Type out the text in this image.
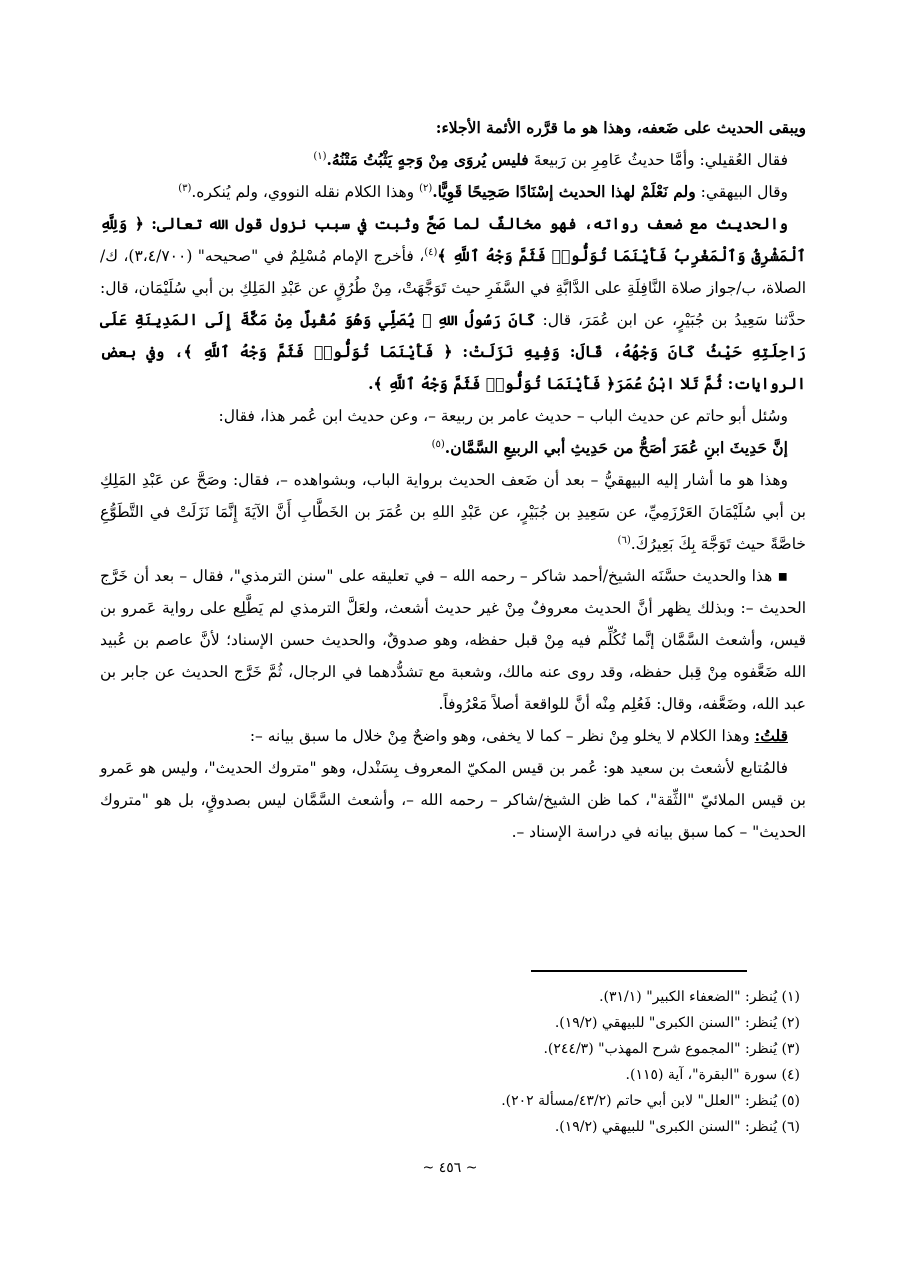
ويبقى الحديث على ضَعفه، وهذا هو ما قرَّره الأئمة الأجلاء:

فقال العُقيلي: وأمَّا حديثُ عَامِرِ بن رَبيعةَ فليس يُروَى مِنْ وَجهٍ يَثْبُتُ مَتْنُهُ.$^{(١)}$

وقال البيهقي: ولم نَعْلَمْ لهذا الحديث إسْنَادًا صَحِيحًا قَوِيًّا.$^{(٢)}$ وهذا الكلام نقله النووي، ولم يُنكره.$^{(٣)}$

والحديث مع ضعف رواته، فهو مخالفٌ لما صَحَّ وثبت في سبب نزول قول الله تعالى: ﴿ وَلِلَّهِ ٱلْمَشْرِقُ وَٱلْمَغْرِبُ فَأَيْنَمَا تُوَلُّوا۟ فَثَمَّ وَجْهُ ٱللَّهِ ﴾$^{(٤)}$، فأخرج الإمام مُسْلِمٌ في "صحيحه" (٣،٤/٧٠٠)، ك/الصلاة، ب/جواز صلاة النَّافِلَةِ على الدَّابَّةِ في السَّفَرِ حيث تَوَجَّهَتْ، مِنْ طُرُقٍ عن عَبْدِ المَلِكِ بن أبي سُلَيْمَان، قال: حدَّثنا سَعِيدُ بن جُبَيْرٍ، عن ابن عُمَرَ، قال: كَانَ رَسُولُ اللهِ ﷺ يُصَلِّي وَهُوَ مُقْبِلٌ مِنْ مَكَّةَ إِلَى المَدِينَةِ عَلَى رَاحِلَتِهِ حَيْثُ كَانَ وَجْهُهُ، قَالَ: وَفِيهِ نَزَلَتْ: ﴿ فَأَيْنَمَا تُوَلُّوا۟ فَثَمَّ وَجْهُ ٱللَّهِ ﴾، وفي بعض الروايات: ثُمَّ تَلا ابْنُ عُمَرَ﴿ فَأَيْنَمَا تُوَلُّوا۟ فَثَمَّ وَجْهُ ٱللَّهِ ﴾.

وسُئل أبو حاتم عن حديث الباب – حديث عامر بن ربيعة –، وعن حديث ابن عُمر هذا، فقال:

إنَّ حَدِيثَ ابنِ عُمَرَ أصَحُّ من حَدِيثِ أبي الربيعِ السَّمَّان.$^{(٥)}$

وهذا هو ما أشار إليه البيهقيُّ – بعد أن ضَعف الحديث برواية الباب، وبشواهده –، فقال: وصَحَّ عن عَبْدِ المَلِكِ بن أبي سُلَيْمَانَ العَرْزَمِيِّ، عن سَعِيدِ بن جُبَيْرٍ، عن عَبْدِ اللهِ بن عُمَرَ بن الخَطَّابِ أَنَّ الآيَةَ إِنَّمَا نَزَلَتْ في التَّطَوُّعِ خاصَّةً حيث تَوَجَّهَ بِكَ بَعِيرُكَ.$^{(٦)}$

▪ هذا والحديث حسَّنَه الشيخ/أحمد شاكر – رحمه الله – في تعليقه على "سنن الترمذي"، فقال – بعد أن خَرَّج الحديث –: وبذلك يظهر أنَّ الحديث معروفٌ مِنْ غير حديث أشعث، ولعَلَّ الترمذي لم يَطَّلِع على رواية عَمرو بن قيس، وأشعث السَّمَّان إنَّما تُكُلِّم فيه مِنْ قبل حفظه، وهو صدوقٌ، والحديث حسن الإسناد؛ لأنَّ عاصم بن عُبيد الله ضَعَّفوه مِنْ قِبل حفظه، وقد روى عنه مالك، وشعبة مع تشدُّدهما في الرجال، ثُمَّ خَرَّج الحديث عن جابر بن عبد الله، وضَعَّفه، وقال: فَعُلِم مِنْه أنَّ للواقعة أصلاً مَعْرُوفاً.

قلتُ: وهذا الكلام لا يخلو مِنْ نظر – كما لا يخفى، وهو واضحٌ مِنْ خلال ما سبق بيانه –:

فالمُتابع لأشعث بن سعيد هو: عُمر بن قيس المكيّ المعروف بِسَنْدل، وهو "متروك الحديث"، وليس هو عَمرو بن قيس الملائيّ "الثِّقة"، كما ظن الشيخ/شاكر – رحمه الله –، وأشعث السَّمَّان ليس بصدوقٍ، بل هو "متروك الحديث" – كما سبق بيانه في دراسة الإسناد –.

(١) يُنظر: "الضعفاء الكبير" (٣١/١).

(٢) يُنظر: "السنن الكبرى" للبيهقي (١٩/٢).

(٣) يُنظر: "المجموع شرح المهذب" (٢٤٤/٣).

(٤) سورة "البقرة"، آية (١١٥).

(٥) يُنظر: "العلل" لابن أبي حاتم (٤٣/٢/مسألة ٢٠٢).

(٦) يُنظر: "السنن الكبرى" للبيهقي (١٩/٢).

~ ٤٥٦ ~
